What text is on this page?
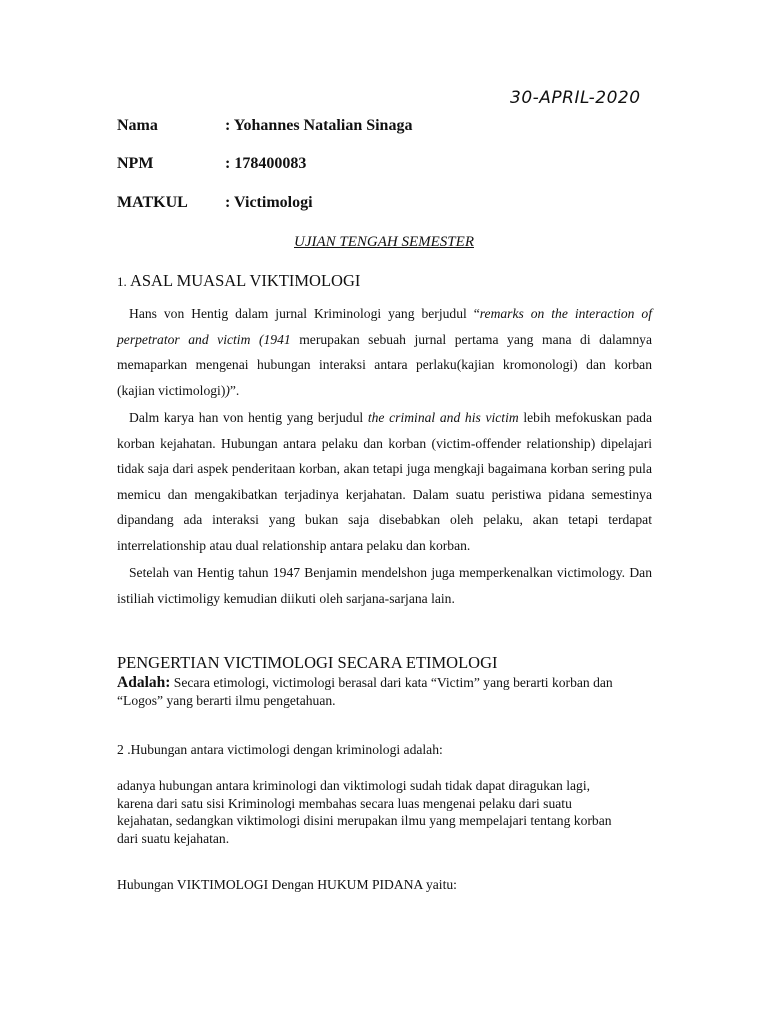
30-APRIL-2020
Nama	: Yohannes Natalian Sinaga
NPM	: 178400083
MATKUL : Victimologi
UJIAN TENGAH SEMESTER
1. ASAL MUASAL VIKTIMOLOGI

Hans von Hentig dalam jurnal Kriminologi yang berjudul “remarks on the interaction of perpetrator and victim (1941 merupakan sebuah jurnal pertama yang mana di dalamnya memaparkan mengenai hubungan interaksi antara perlaku(kajian kromonologi) dan korban (kajian victimologi))”.

Dalm karya han von hentig yang berjudul the criminal and his victim lebih mefokuskan pada korban kejahatan. Hubungan antara pelaku dan korban (victim-offender relationship) dipelajari tidak saja dari aspek penderitaan korban, akan tetapi juga mengkaji bagaimana korban sering pula memicu dan mengakibatkan terjadinya kerjahatan. Dalam suatu peristiwa pidana semestinya dipandang ada interaksi yang bukan saja disebabkan oleh pelaku, akan tetapi terdapat interrelationship atau dual relationship antara pelaku dan korban.

Setelah van Hentig tahun 1947 Benjamin mendelshon juga memperkenalkan victimology. Dan istiliah victimoligy kemudian diikuti oleh sarjana-sarjana lain.

PENGERTIAN VICTIMOLOGI SECARA ETIMOLOGI
Adalah: Secara etimologi, victimologi berasal dari kata “Victim” yang berarti korban dan “Logos” yang berarti ilmu pengetahuan.
2 .Hubungan antara victimologi dengan kriminologi adalah:
adanya hubungan antara kriminologi dan viktimologi sudah tidak dapat diragukan lagi, karena dari satu sisi Kriminologi membahas secara luas mengenai pelaku dari suatu kejahatan, sedangkan viktimologi disini merupakan ilmu yang mempelajari tentang korban dari suatu kejahatan.
Hubungan VIKTIMOLOGI Dengan HUKUM PIDANA yaitu:
